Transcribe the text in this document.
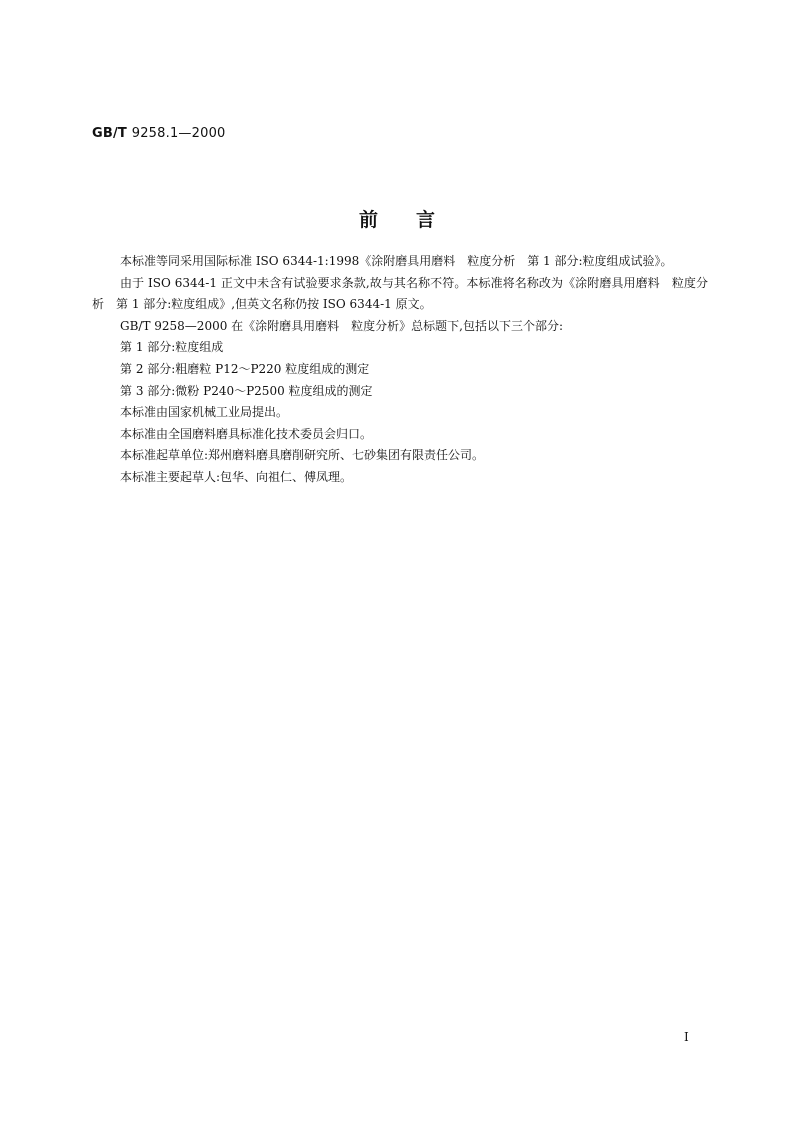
GB/T 9258.1—2000
前言

本标准等同采用国际标准 ISO 6344-1:1998《涂附磨具用磨料　粒度分析　第 1 部分:粒度组成试验》。

由于 ISO 6344-1 正文中未含有试验要求条款,故与其名称不符。本标准将名称改为《涂附磨具用磨料　粒度分析　第 1 部分:粒度组成》,但英文名称仍按 ISO 6344-1 原文。

GB/T 9258—2000 在《涂附磨具用磨料　粒度分析》总标题下,包括以下三个部分:

第 1 部分:粒度组成

第 2 部分:粗磨粒 P12～P220 粒度组成的测定

第 3 部分:微粉 P240～P2500 粒度组成的测定

本标准由国家机械工业局提出。

本标准由全国磨料磨具标准化技术委员会归口。

本标准起草单位:郑州磨料磨具磨削研究所、七砂集团有限责任公司。

本标准主要起草人:包华、向祖仁、傅凤理。

I
